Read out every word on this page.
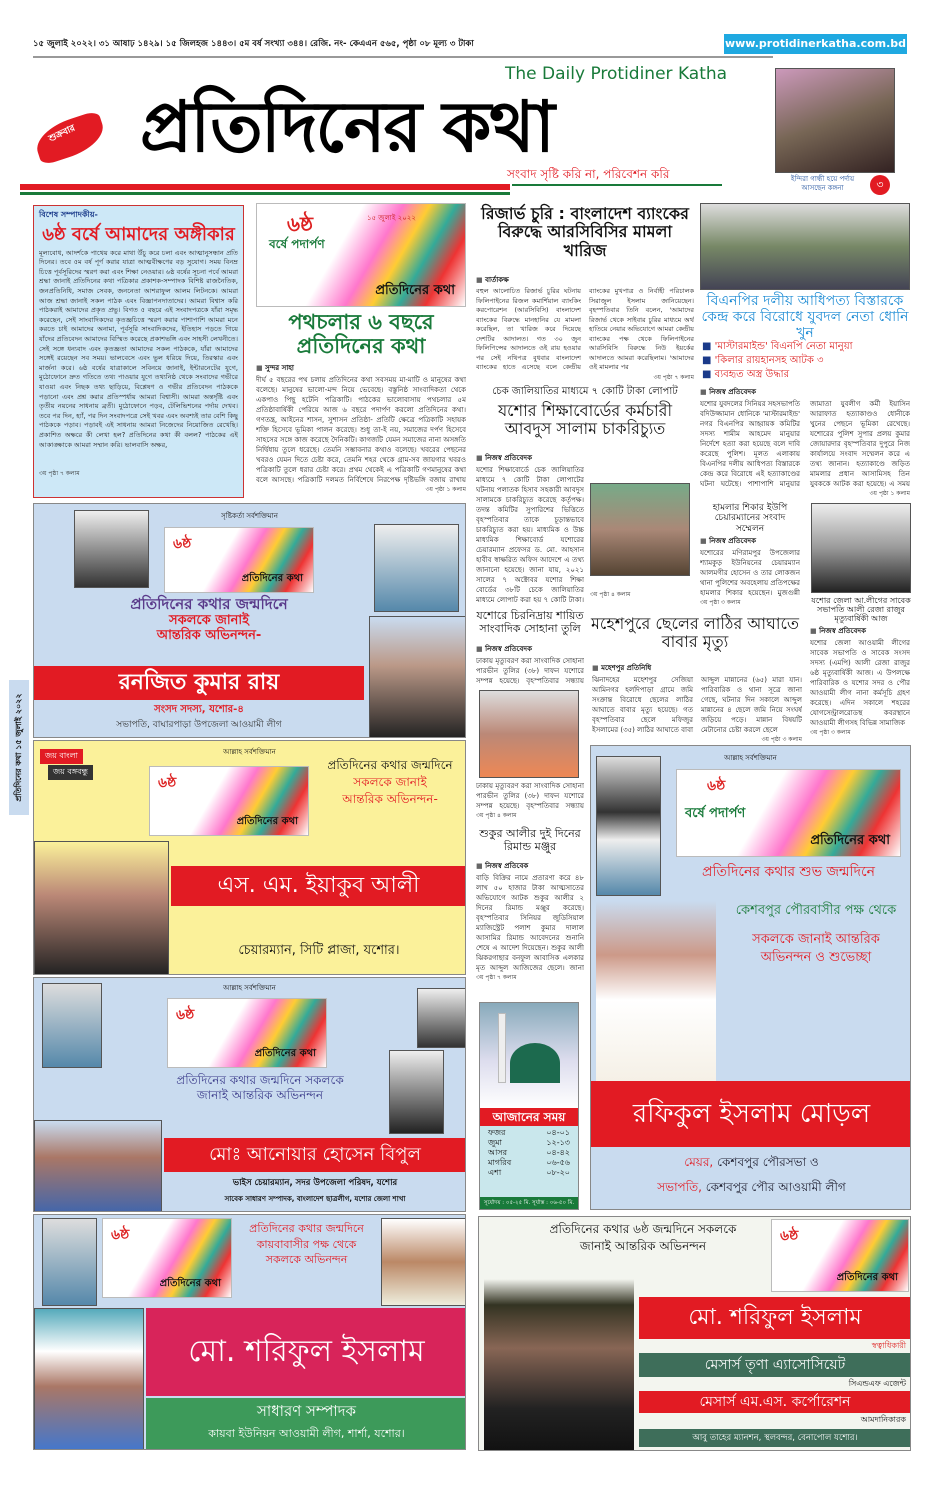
১৫ জুলাই ২০২২। ৩১ আষাঢ় ১৪২৯। ১৫ জিলহজ ১৪৪৩। ৫ম বর্ষ সংখ্যা ৩৪৪। রেজি. নং- কেএএন ৫৬৫, পৃষ্ঠা ০৮ মূল্য ৩ টাকা	www.protidinerkatha.com.bd
শুক্রবার প্রতিদিনের কথা
The Daily Protidiner Katha
সংবাদ সৃষ্টি করি না, পরিবেশন করি	ইন্দিরা গান্ধী হয়ে পর্দায় আসছেন কঙ্গনা	৩
প্রতিদিনের কথা ১৫ জুলাই ২০২২
বিশেষ সম্পাদকীয়-
৬ষ্ঠ বর্ষে আমাদের অঙ্গীকার
মূল্যবোধ, আদর্শকে পাথেয় করে মাথা উঁচু করে চলা এবং আত্মানুসন্ধান প্রতি দিনের। তবে ৫ম বর্ষ পূর্ণ করার যাত্রা আত্মবীক্ষণের বড় সুযোগ। সময় বিনম্র চিত্তে পূর্বসূরিদের স্মরণ করা এবং শিক্ষা নেওয়ার। ৬ষ্ঠ বর্ষের সূচনা পর্বে আমরা শ্রদ্ধা জানাই প্রতিদিনের কথা পত্রিকার প্রকাশক-সম্পাদক বিশিষ্ট রাজনৈতিক, জনপ্রতিনিধি, সমাজ সেবক, জননেতা আশরাফুল আলম লিটনকে। আমরা আজ শ্রদ্ধা জানাই সকল পাঠক এবং বিজ্ঞাপনদাতাদের। আমরা বিশ্বাস করি পাঠকরাই আমাদের প্রকৃত প্রভু। বিগত ৫ বছরে এই সংবাদপত্রকে যাঁরা সমৃদ্ধ করেছেন, সেই সাংবাদিকদের কৃতজ্ঞচিত্তে স্মরণ করার পাশাপাশি আমরা মনে করতে চাই আমাদের অনামা, পূর্বসূরি সাংবাদিকদের, ইতিহাস পড়তে গিয়ে যাঁদের প্রতিবেদন আমাদের বিস্মিত করেছে প্রকাশভঙ্গি এবং সাহসী লেখনীতে। সেই সঙ্গে ধন্যবাদ এবং কৃতজ্ঞতা আমাদের সকল পাঠককে, যাঁরা আমাদের সঙ্গেই রয়েছেন সব সময়। ভালবেসে এবং ভুল ধরিয়ে দিয়ে, তিরস্কার এবং মার্জনা করে। ৬ষ্ঠ বর্ষের যাত্রাকালে সবিনয়ে জানাই, ইন্টারনেটের যুগে, মুঠোফোনে দ্রুত গতিতে তথ্য পাওয়ার যুগে তথ্যনিষ্ঠ থেকে সংবাদের গভীরে যাওয়া এবং নিছক তথ্য ছাড়িয়ে, বিশ্লেষণ ও গভীর প্রতিবেদন পাঠককে পড়ানো এবং প্রশ্ন করার প্রতিস্পর্ধায় আমরা বিশ্বাসী। আমরা অন্তর্দৃষ্টি এবং তৃতীয় নয়নের সাধনায় ব্রতী। মুঠোফোনে পড়ব, টেলিভিশনের পর্দায় দেখব। তবে পর দিন, হ্যাঁ, পর দিন সংবাদপত্রে সেই খবর এবং অবশ্যই তার বেশি কিছু পাঠককে পড়াব। পড়াবই এই সাধনায় আমরা নিজেদের নিয়োজিত রেখেছি। প্রকাশিত অক্ষরে কী লেখা হল? প্রতিদিনের কথা কী বলল? পাঠকের এই আকাঙ্ক্ষাকে আমরা সম্মান করি। ভালবাসি অক্ষর,
৩য় পৃষ্ঠা ৭ কলাম
৬ষ্ঠ
বর্ষে পদার্পণ
১৫ জুলাই ২০২২
প্রতিদিনের কথা
পথচলার ৬ বছরে প্রতিদিনের কথা
■ সুন্দর সাহা
দীর্ঘ ৫ বছরের পথ চলায় প্রতিদিনের কথা সবসময় মা-মাটি ও মানুষের কথা বলেছে। মানুষের ভালো-মন্দ নিয়ে ভেবেছে। বস্তুনিষ্ঠ সাংবাদিকতা থেকে একপাও পিছু হটেনি পত্রিকাটি। পাঠকের ভালোবাসায় পথচলার ৫ম প্রতিষ্ঠাবার্ষিকী পেরিয়ে আজ ৬ বছরে পদার্পণ করলো প্রতিদিনের কথা। গণতন্ত্র, আইনের শাসন, সুশাসন প্রতিষ্ঠা- প্রতিটি ক্ষেত্রে পত্রিকাটি সহায়ক শক্তি হিসেবে ভূমিকা পালন করেছে। শুধু তা-ই নয়, সমাজের দর্পণ হিসেবে সাহসের সঙ্গে কাজ করেছে দৈনিকটি। কাগজটি যেমন সমাজের নানা অসঙ্গতি নির্দ্বিধায় তুলে ধরেছে। তেমনি সম্ভাবনার কথাও বলেছে। খবরের পেছনের খবরও যেমন দিতে চেষ্টা করে, তেমনি শহর থেকে গ্রাম-সব জায়গার খবরও পত্রিকাটি তুলে ধরার চেষ্টা করে। প্রথম থেকেই এ পত্রিকাটি গণমানুষের কথা বলে আসছে। পত্রিকাটি দলমত নির্বিশেষে নিরপেক্ষ দৃষ্টিভঙ্গি বজায় রাখায়
৩য় পৃষ্ঠা ১ কলাম
রিজার্ভ চুরি : বাংলাদেশ ব্যাংকের বিরুদ্ধে আরসিবিসির মামলা খারিজ
■ বার্তাকক্ষ
বহুল আলোচিত রিজার্ভ চুরির ঘটনায় ফিলিপাইনের রিজল কমার্শিয়াল ব্যাংকিং করপোরেশন (আরসিবিসি) বাংলাদেশ ব্যাংকের বিরুদ্ধে মানহানির যে মামলা করেছিল, তা খারিজ করে দিয়েছে দেশটির আদালত। গত ৩০ জুন ফিলিপিন্সের আদালতে ওই রায় হওয়ার পর সেই নথিপত্র বুধবার বাংলাদেশ ব্যাংকের হাতে এসেছে বলে কেন্দ্রীয় ব্যাংকের মুখপাত্র ও নির্বাহী পরিচালক সিরাজুল ইসলাম জানিয়েছেন। বৃহস্পতিবার তিনি বলেন, 'আমাদের রিজার্ভ থেকে সাইবার চুরির মাধ্যমে অর্থ হাতিয়ে নেয়ার অভিযোগে আমরা কেন্দ্রীয় ব্যাংকের পক্ষ থেকে ফিলিপাইনের আরসিবিসি বিরুদ্ধে নিউ ইয়র্কের আদালতে আমরা করেছিলাম। 'আমাদের ওই মামলার পর
৩য় পৃষ্ঠা ৭ কলাম
চেক জালিয়াতির মাধ্যমে ৭ কোটি টাকা লোপাট
যশোর শিক্ষাবোর্ডের কর্মচারী আবদুস সালাম চাকরিচ্যুত
■ নিজস্ব প্রতিবেদক
যশোর শিক্ষাবোর্ডে চেক জালিয়াতির মাধ্যমে ৭ কোটি টাকা লোপাটের ঘটনায় পলাতক হিসাব সহকারী আবদুস সালামকে চাকরিচ্যুত করেছে কর্তৃপক্ষ। তদন্ত কমিটির সুপারিশের ভিত্তিতে বৃহস্পতিবার তাকে চূড়ান্তভাবে চাকরিচ্যুত করা হয়। মাধ্যমিক ও উচ্চ মাধ্যমিক শিক্ষাবোর্ড যশোরের চেয়ারম্যান প্রফেসর ড. মো. আহসান হাবীব স্বাক্ষরিত অফিস আদেশে এ তথ্য জানানো হয়েছে। জানা যায়, ২০২১ সালের ৭ অক্টোবর যশোর শিক্ষা বোর্ডের ৩৮টি চেকে জালিয়াতির মাধ্যমে লোপাট করা হয় ৭ কোটি টাকা।
৩য় পৃষ্ঠা ৪ কলাম
যশোরে চিরনিদ্রায় শায়িত সাংবাদিক সোহানা তুলি
■ নিজস্ব প্রতিবেদক
ঢাকায় মৃত্যুবরণ করা সাংবাদিক সোহানা পারভীন তুলির (৩৮) দাফন যশোরে সম্পন্ন হয়েছে। বৃহস্পতিবার সন্ধ্যায়
ঢাকায় মৃত্যুবরণ করা সাংবাদিক সোহানা পারভীন তুলির (৩৮) দাফন যশোরে সম্পন্ন হয়েছে। বৃহস্পতিবার সন্ধ্যায়
৩য় পৃষ্ঠা ৪ কলাম
শুকুর আলীর দুই দিনের রিমান্ড মঞ্জুর
■ নিজস্ব প্রতিবেক
বাড়ি বিক্রির নামে প্রতারণা করে ৪৮ লাখ ৫০ হাজার টাকা আত্মসাতের অভিযোগে আটক শুকুর আলীর ২ দিনের রিমান্ড মঞ্জুর করেছে। বৃহস্পতিবার সিনিয়র জুডিসিয়াল ম্যাজিস্ট্রেট পলাশ কুমার দালাল আসামির রিমান্ড আবেদনের শুনানি শেষে এ আদেশ দিয়েছেন। শুকুর আলী ঝিকরগাছার বনফুল আবাসিক এলকার মৃত আব্দুল আজিজের ছেলে। জানা
৩য় পৃষ্ঠা ৭ কলাম
আজানের সময়
ফজর	০৪-০১
জুমা	১২-১৩
আসর	০৪-৪২
মাগরিব	০৬-৫৬
এশা	০৮-২০
সূর্যোদয় : ০৫-২৫ মি. সূর্যাস্ত : ০৬-৫০ মি.
বিএনপির দলীয় আধিপত্য বিস্তারকে কেন্দ্র করে বিরোধে যুবদল নেতা ধোনি খুন
■ 'মাস্টারমাইন্ড' বিএনপি নেতা মানুয়া
■ 'কিলার রায়হানসহ আটক ৩
■ ব্যবহৃত অস্ত্র উদ্ধার
■ নিজস্ব প্রতিবেদক
যশোর যুবদলের সিনিয়র সহসভাপতি বদিউজ্জামান ধোনিকে 'মাস্টারমাইন্ড' নগর বিএনপির আহ্বায়ক কমিটির সদস্য শামীম আহমেদ মানুয়ার নির্দেশে হত্যা করা হয়েছে বলে দাবি করেছে পুলিশ। মূলত এলাকায় বিএনপির দলীয় আধিপত্য বিস্তারকে কেন্দ্র করে বিরোধে এই হত্যাকাণ্ডের ঘটনা ঘটেছে। পাশাপাশি মানুয়ার জামাতা যুবলীগ কর্মী ইয়াসিন আরাফাত হত্যাকাণ্ডও ধোনীকে খুনের পেছনে ভূমিকা রেখেছে। যশোরের পুলিশ সুপার প্রলয় কুমার জোয়ারদার বৃহস্পতিবার দুপুরে নিজ কার্যালয়ে সংবাদ সম্মেলন করে এ তথ্য জানান। হত্যাকাণ্ডে জড়িত মামলার প্রধান আসামিসহ তিন যুবককে আটক করা হয়েছে। এ সময়
৩য় পৃষ্ঠা ১ কলাম
হামলার শিকার ইউপি চেয়ারম্যানের সংবাদ সম্মেলন
■ নিজস্ব প্রতিবেদক
যশোরের মণিরামপুর উপজেলার শ্যামকুড় ইউনিয়নের চেয়ারম্যান আলমগীর হোসেন ও তার লোকজন থানা পুলিশের অবহেলায় প্রতিপক্ষের হামলার শিকার হয়েছেন। মুজগুন্নী
৩য় পৃষ্ঠা ৩ কলাম	যশোর জেলা আ.লীগের সাবেক সভাপতি আলী রেজা রাজুর মৃত্যুবার্ষিকী আজ
■ নিজস্ব প্রতিবেদক
যশোর জেলা আওয়ামী লীগের সাবেক সভাপতি ও সাবেক সংসদ সদস্য (এমপি) আলী রেজা রাজুর ৬ষ্ঠ মৃত্যুবার্ষিকী আজ। এ উপলক্ষে পারিবারিক ও যশোর সদর ও পৌর আওয়ামী লীগ নানা কর্মসূচি গ্রহণ করেছে। এদিন সকালে শহরের যোগসেন্ট্রালরোডস্থ কবরস্থানে আওয়ামী লীগসহ বিভিন্ন সামাজিক
৩য় পৃষ্ঠা ৩ কলাম
মহেশপুরে ছেলের লাঠির আঘাতে বাবার মৃত্যু
■ মহেশপুর প্রতিনিধি
ঝিনাদহের মহেশপুর সেজিয়া আমিনগর হলদিপাড়া গ্রামে জমি সংক্রান্ত বিরোধে ছেলের লাঠির আঘাতে বাবার মৃত্যু হয়েছে। গত বৃহস্পতিবার ছেলে মফিজুর ইসলামের (৩৫) লাঠির আঘাতে বাবা আব্দুল মান্নানের (৬৫) মারা যান। পারিবারিক ও থানা সূত্রে জানা গেছে, ঘটনার দিন সকালে আব্দুল মান্নানের ৪ ছেলে জমি নিয়ে সংঘর্ষ জড়িয়ে পড়ে। মান্নান বিষয়টি মেটানোর চেষ্টা করলে ছেলে
৩য় পৃষ্ঠা ৩ কলাম
সৃষ্টিকর্তা সর্বশক্তিমান
৬ষ্ঠ
প্রতিদিনের কথা
প্রতিদিনের কথার জন্মদিনে
সকলকে জানাই
আন্তরিক অভিনন্দন-
রনজিত কুমার রায়
সংসদ সদস্য, যশোর-৪
সভাপতি, বাঘারপাড়া উপজেলা আওয়ামী লীগ
আল্লাহ সর্বশক্তিমান
জয় বাংলা
জয় বঙ্গবন্ধু
৬ষ্ঠ
প্রতিদিনের কথা
প্রতিদিনের কথার জন্মদিনে
সকলকে জানাই
আন্তরিক অভিনন্দন-
এস. এম. ইয়াকুব আলী
চেয়ারম্যান, সিটি প্লাজা, যশোর।
আল্লাহ সর্বশক্তিমান
৬ষ্ঠ
প্রতিদিনের কথা
প্রতিদিনের কথার জন্মদিনে সকলকে
জানাই আন্তরিক অভিনন্দন
মোঃ আনোয়ার হোসেন বিপুল
ভাইস চেয়ারম্যান, সদর উপজেলা পরিষদ, যশোর
সাবেক সাধারণ সম্পাদক, বাংলাদেশ ছাত্রলীগ, যশোর জেলা শাখা
৬ষ্ঠ
প্রতিদিনের কথা
প্রতিদিনের কথার জন্মদিনে
কায়বাবাসীর পক্ষ থেকে
সকলকে অভিনন্দন
মো. শরিফুল ইসলাম
সাধারণ সম্পাদক
কায়বা ইউনিয়ন আওয়ামী লীগ, শার্শা, যশোর।
আল্লাহ সর্বশক্তিমান
৬ষ্ঠ
বর্ষে পদার্পণ
প্রতিদিনের কথা
প্রতিদিনের কথার শুভ জন্মদিনে
কেশবপুর পৌরবাসীর পক্ষ থেকে
সকলকে জানাই আন্তরিক
অভিনন্দন ও শুভেচ্ছা
রফিকুল ইসলাম মোড়ল
মেয়র, কেশবপুর পৌরসভা ও
সভাপতি, কেশবপুর পৌর আওয়ামী লীগ
প্রতিদিনের কথার ৬ষ্ঠ জন্মদিনে সকলকে
জানাই আন্তরিক অভিনন্দন
৬ষ্ঠ
প্রতিদিনের কথা
মো. শরিফুল ইসলাম
স্বত্বাধিকারী
মেসার্স তৃণা এ্যাসোসিয়েট
সিএন্ডএফ এজেন্ট
মেসার্স এম.এস. কর্পোরেশন
আমদানিকারক
আবু তাহের ম্যানশন, স্থলবন্দর, বেনাপোল যশোর।
